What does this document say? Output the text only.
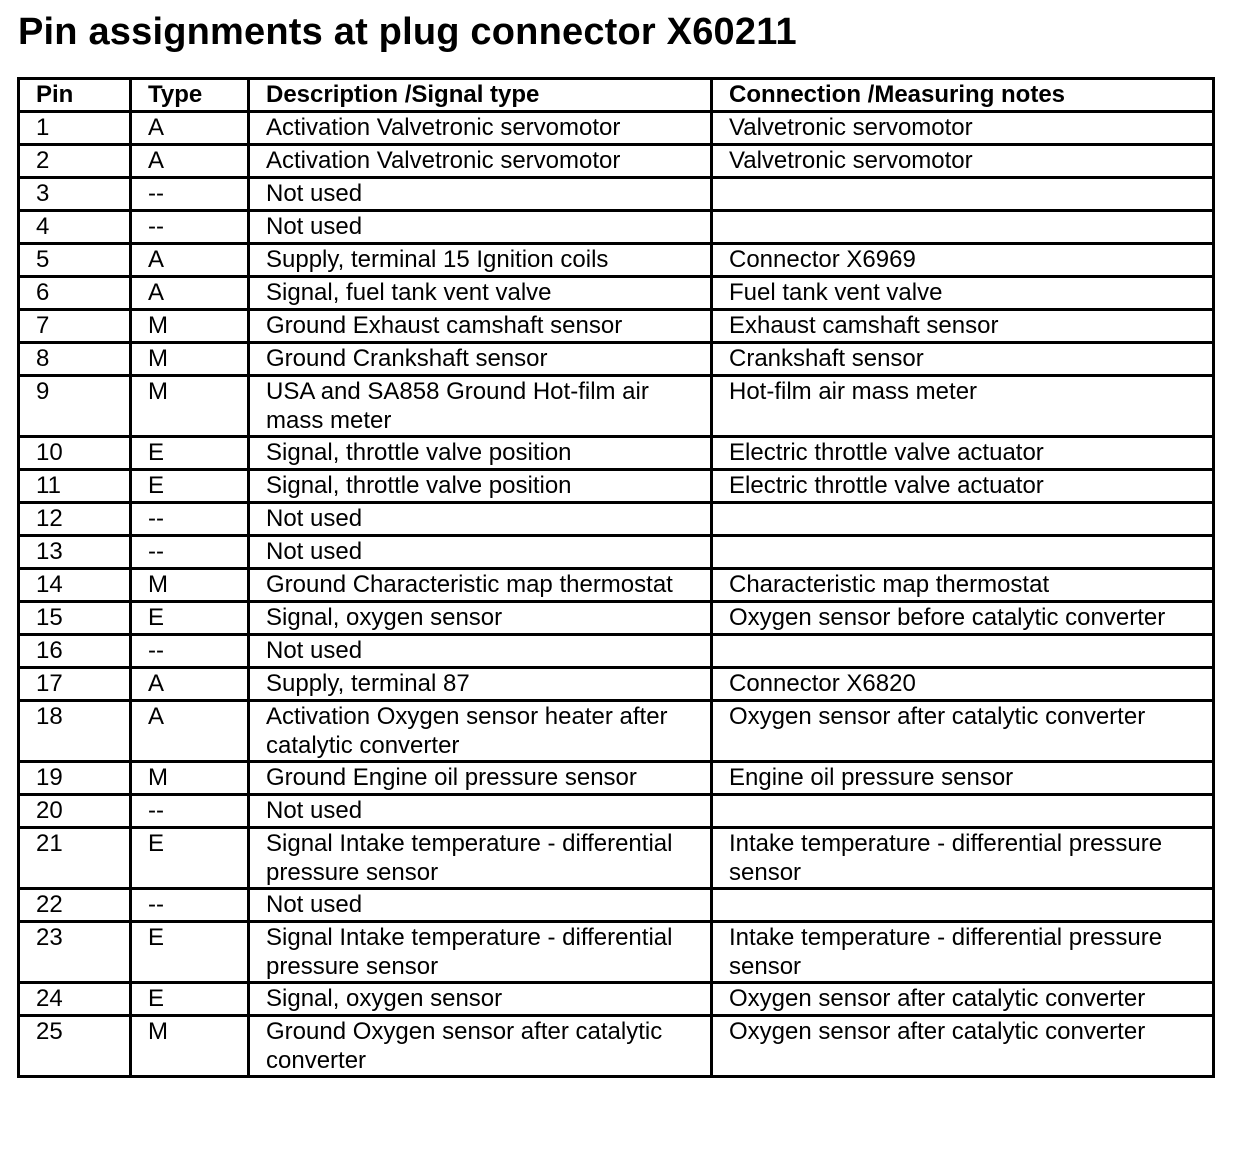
Pin assignments at plug connector X60211
Pin	Type	Description /Signal type	Connection /Measuring notes
1	A	Activation Valvetronic servomotor	Valvetronic servomotor
2	A	Activation Valvetronic servomotor	Valvetronic servomotor
3	--	Not used	
4	--	Not used	
5	A	Supply, terminal 15 Ignition coils	Connector X6969
6	A	Signal, fuel tank vent valve	Fuel tank vent valve
7	M	Ground Exhaust camshaft sensor	Exhaust camshaft sensor
8	M	Ground Crankshaft sensor	Crankshaft sensor
9	M	USA and SA858 Ground Hot-film air mass meter	Hot-film air mass meter
10	E	Signal, throttle valve position	Electric throttle valve actuator
11	E	Signal, throttle valve position	Electric throttle valve actuator
12	--	Not used	
13	--	Not used	
14	M	Ground Characteristic map thermostat	Characteristic map thermostat
15	E	Signal, oxygen sensor	Oxygen sensor before catalytic converter
16	--	Not used	
17	A	Supply, terminal 87	Connector X6820
18	A	Activation Oxygen sensor heater after catalytic converter	Oxygen sensor after catalytic converter
19	M	Ground Engine oil pressure sensor	Engine oil pressure sensor
20	--	Not used	
21	E	Signal Intake temperature - differential pressure sensor	Intake temperature - differential pressure sensor
22	--	Not used	
23	E	Signal Intake temperature - differential pressure sensor	Intake temperature - differential pressure sensor
24	E	Signal, oxygen sensor	Oxygen sensor after catalytic converter
25	M	Ground Oxygen sensor after catalytic converter	Oxygen sensor after catalytic converter
